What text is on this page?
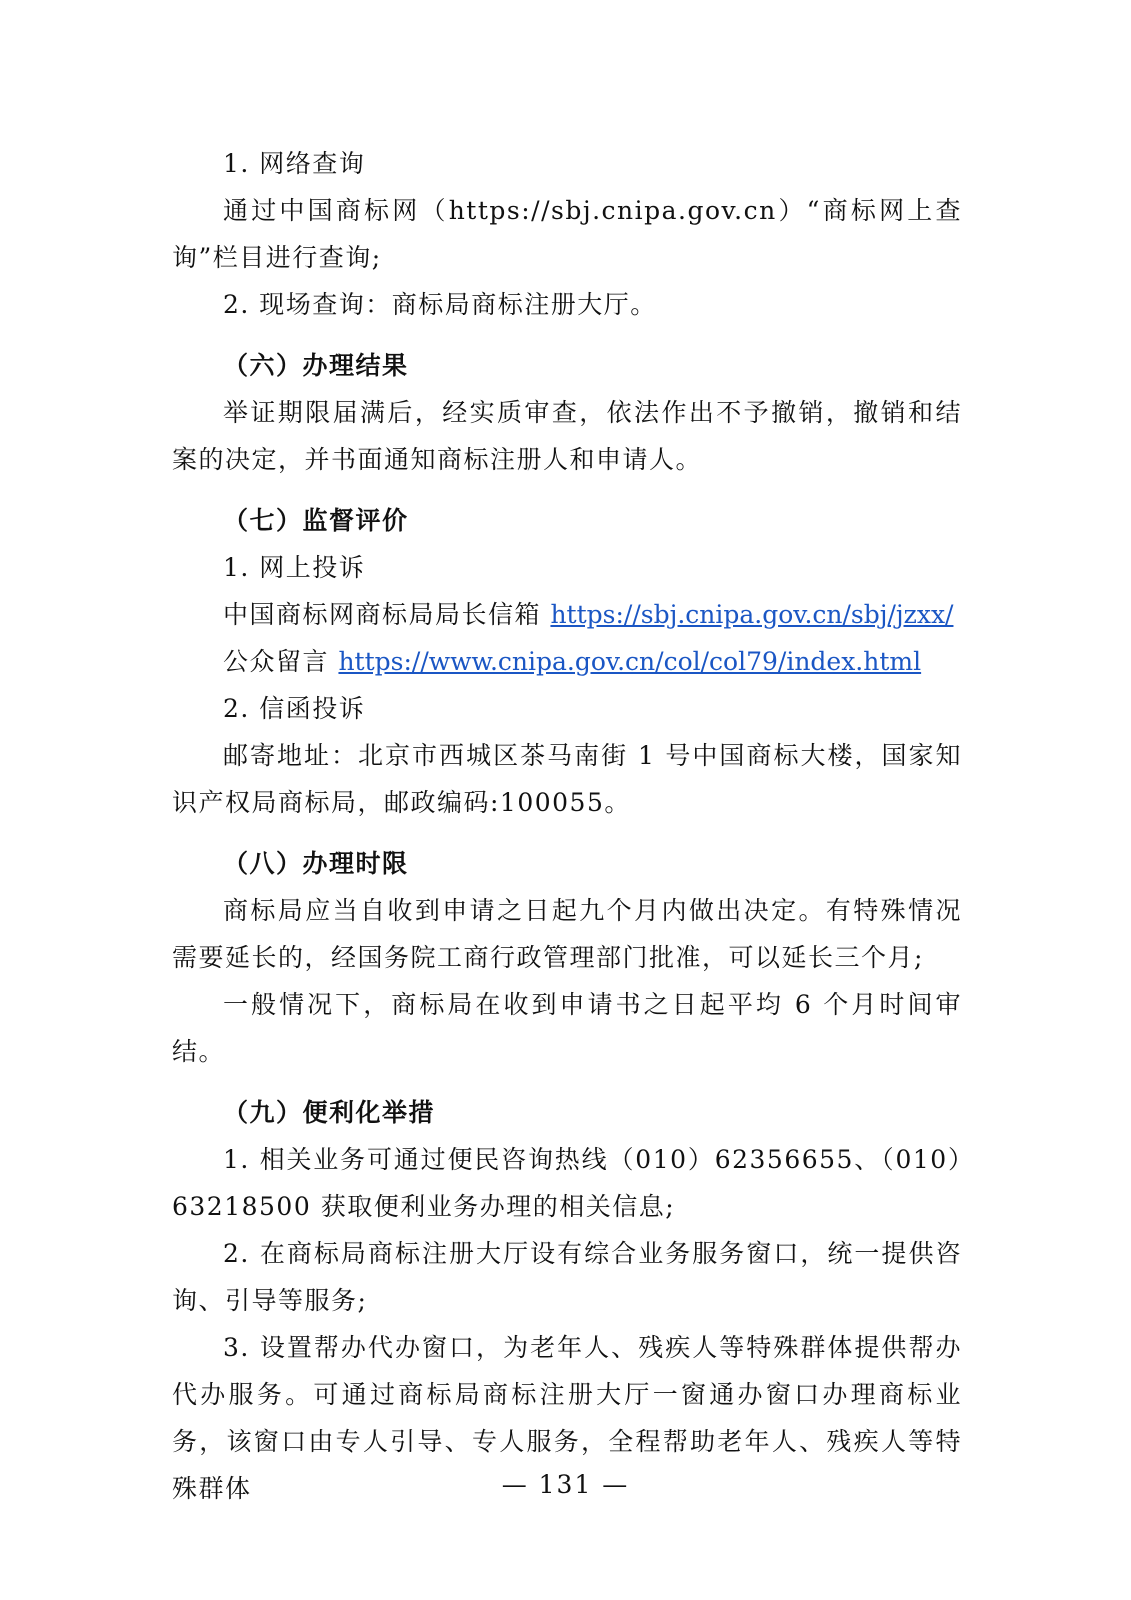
1. 网络查询

通过中国商标网（https://sbj.cnipa.gov.cn）“商标网上查询”栏目进行查询;

2. 现场查询：商标局商标注册大厅。

（六）办理结果

举证期限届满后，经实质审查，依法作出不予撤销，撤销和结案的决定，并书面通知商标注册人和申请人。

（七）监督评价

1. 网上投诉

中国商标网商标局局长信箱 https://sbj.cnipa.gov.cn/sbj/jzxx/

公众留言 https://www.cnipa.gov.cn/col/col79/index.html

2. 信函投诉

邮寄地址：北京市西城区茶马南街 1 号中国商标大楼，国家知识产权局商标局，邮政编码:100055。

（八）办理时限

商标局应当自收到申请之日起九个月内做出决定。有特殊情况需要延长的，经国务院工商行政管理部门批准，可以延长三个月;

一般情况下，商标局在收到申请书之日起平均 6 个月时间审结。

（九）便利化举措

1. 相关业务可通过便民咨询热线（010）62356655、（010）63218500 获取便利业务办理的相关信息;

2. 在商标局商标注册大厅设有综合业务服务窗口，统一提供咨询、引导等服务;

3. 设置帮办代办窗口，为老年人、残疾人等特殊群体提供帮办代办服务。可通过商标局商标注册大厅一窗通办窗口办理商标业务，该窗口由专人引导、专人服务，全程帮助老年人、残疾人等特殊群体	— 131 —
